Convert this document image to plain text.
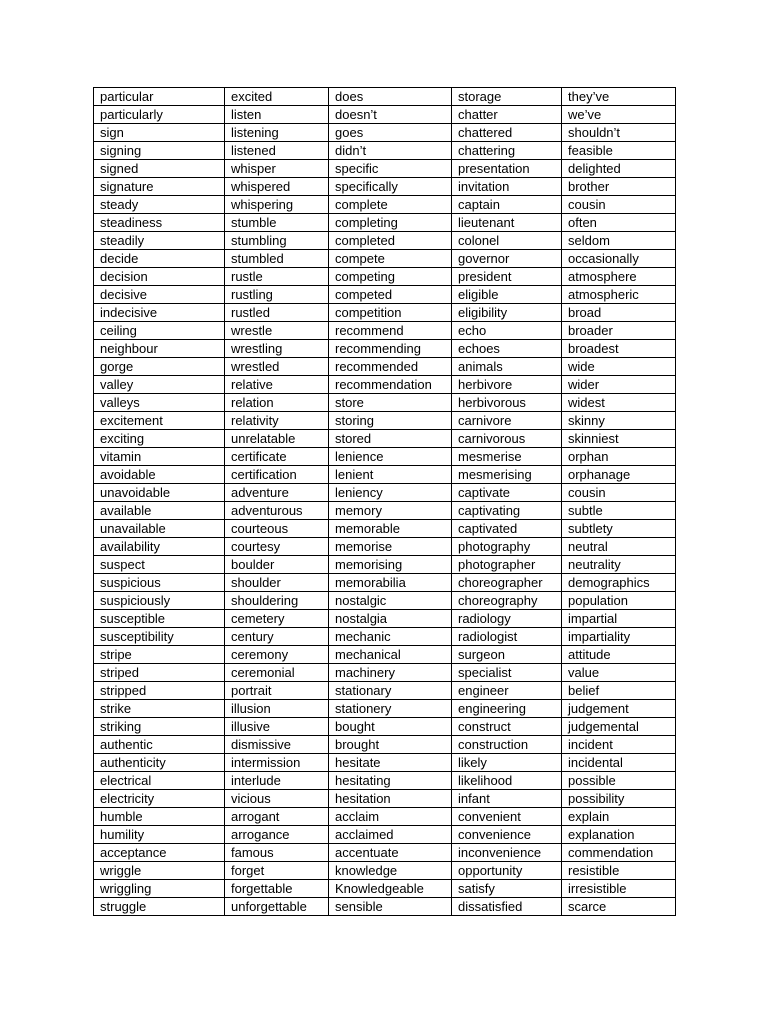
particular	excited	does	storage	they’ve
particularly	listen	doesn’t	chatter	we’ve
sign	listening	goes	chattered	shouldn’t
signing	listened	didn’t	chattering	feasible
signed	whisper	specific	presentation	delighted
signature	whispered	specifically	invitation	brother
steady	whispering	complete	captain	cousin
steadiness	stumble	completing	lieutenant	often
steadily	stumbling	completed	colonel	seldom
decide	stumbled	compete	governor	occasionally
decision	rustle	competing	president	atmosphere
decisive	rustling	competed	eligible	atmospheric
indecisive	rustled	competition	eligibility	broad
ceiling	wrestle	recommend	echo	broader
neighbour	wrestling	recommending	echoes	broadest
gorge	wrestled	recommended	animals	wide
valley	relative	recommendation	herbivore	wider
valleys	relation	store	herbivorous	widest
excitement	relativity	storing	carnivore	skinny
exciting	unrelatable	stored	carnivorous	skinniest
vitamin	certificate	lenience	mesmerise	orphan
avoidable	certification	lenient	mesmerising	orphanage
unavoidable	adventure	leniency	captivate	cousin
available	adventurous	memory	captivating	subtle
unavailable	courteous	memorable	captivated	subtlety
availability	courtesy	memorise	photography	neutral
suspect	boulder	memorising	photographer	neutrality
suspicious	shoulder	memorabilia	choreographer	demographics
suspiciously	shouldering	nostalgic	choreography	population
susceptible	cemetery	nostalgia	radiology	impartial
susceptibility	century	mechanic	radiologist	impartiality
stripe	ceremony	mechanical	surgeon	attitude
striped	ceremonial	machinery	specialist	value
stripped	portrait	stationary	engineer	belief
strike	illusion	stationery	engineering	judgement
striking	illusive	bought	construct	judgemental
authentic	dismissive	brought	construction	incident
authenticity	intermission	hesitate	likely	incidental
electrical	interlude	hesitating	likelihood	possible
electricity	vicious	hesitation	infant	possibility
humble	arrogant	acclaim	convenient	explain
humility	arrogance	acclaimed	convenience	explanation
acceptance	famous	accentuate	inconvenience	commendation
wriggle	forget	knowledge	opportunity	resistible
wriggling	forgettable	Knowledgeable	satisfy	irresistible
struggle	unforgettable	sensible	dissatisfied	scarce
